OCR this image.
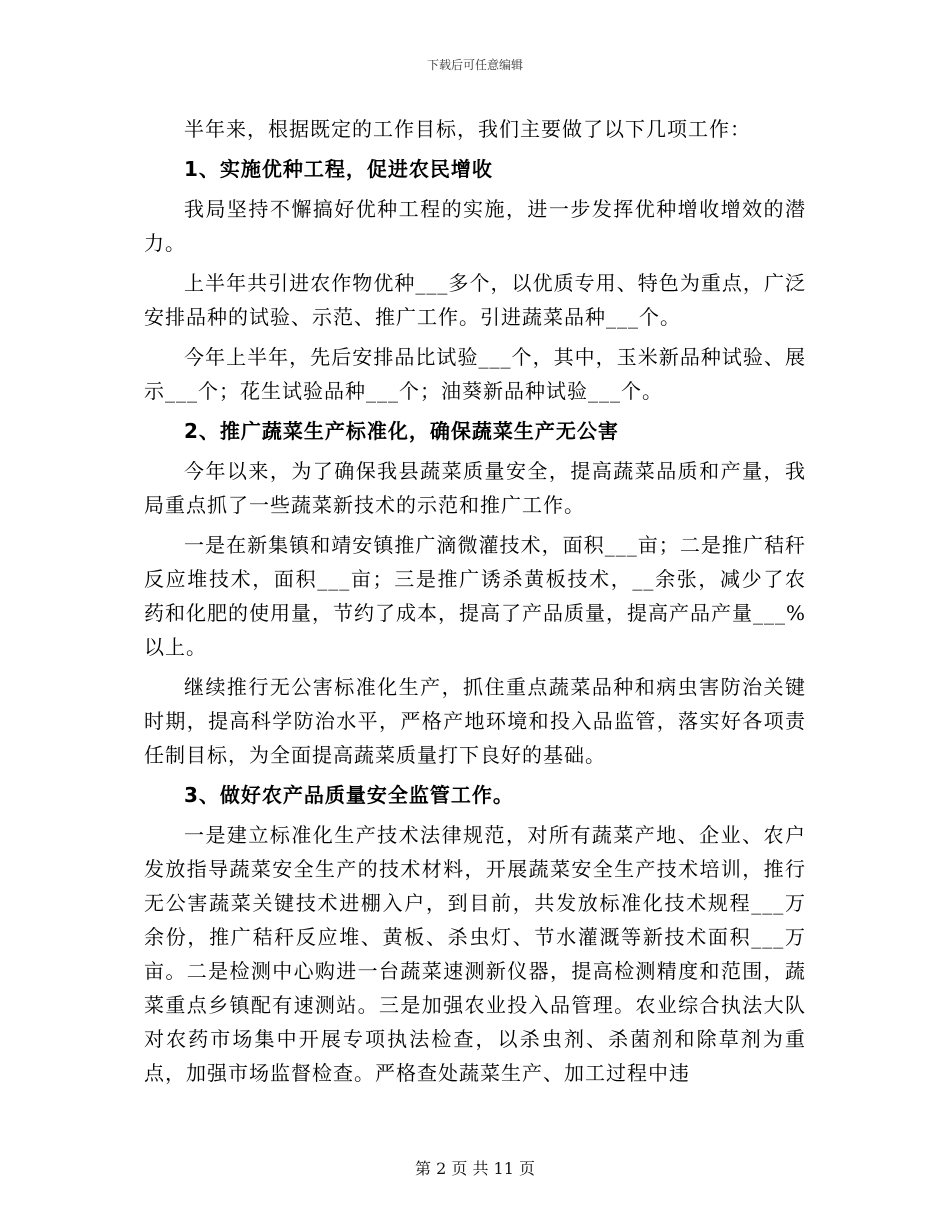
下载后可任意编辑

半年来，根据既定的工作目标，我们主要做了以下几项工作：

1、实施优种工程，促进农民增收

我局坚持不懈搞好优种工程的实施，进一步发挥优种增收增效的潜力。

上半年共引进农作物优种___多个，以优质专用、特色为重点，广泛安排品种的试验、示范、推广工作。引进蔬菜品种___个。

今年上半年，先后安排品比试验___个，其中，玉米新品种试验、展示___个；花生试验品种___个；油葵新品种试验___个。

2、推广蔬菜生产标准化，确保蔬菜生产无公害

今年以来，为了确保我县蔬菜质量安全，提高蔬菜品质和产量，我局重点抓了一些蔬菜新技术的示范和推广工作。

一是在新集镇和靖安镇推广滴微灌技术，面积___亩；二是推广秸秆反应堆技术，面积___亩；三是推广诱杀黄板技术，__余张，减少了农药和化肥的使用量，节约了成本，提高了产品质量，提高产品产量___%以上。

继续推行无公害标准化生产，抓住重点蔬菜品种和病虫害防治关键时期，提高科学防治水平，严格产地环境和投入品监管，落实好各项责任制目标，为全面提高蔬菜质量打下良好的基础。

3、做好农产品质量安全监管工作。

一是建立标准化生产技术法律规范，对所有蔬菜产地、企业、农户发放指导蔬菜安全生产的技术材料，开展蔬菜安全生产技术培训，推行无公害蔬菜关键技术进棚入户，到目前，共发放标准化技术规程___万余份，推广秸秆反应堆、黄板、杀虫灯、节水灌溉等新技术面积___万亩。二是检测中心购进一台蔬菜速测新仪器，提高检测精度和范围，蔬菜重点乡镇配有速测站。三是加强农业投入品管理。农业综合执法大队对农药市场集中开展专项执法检查，以杀虫剂、杀菌剂和除草剂为重点，加强市场监督检查。严格查处蔬菜生产、加工过程中违

第 2 页 共 11 页
